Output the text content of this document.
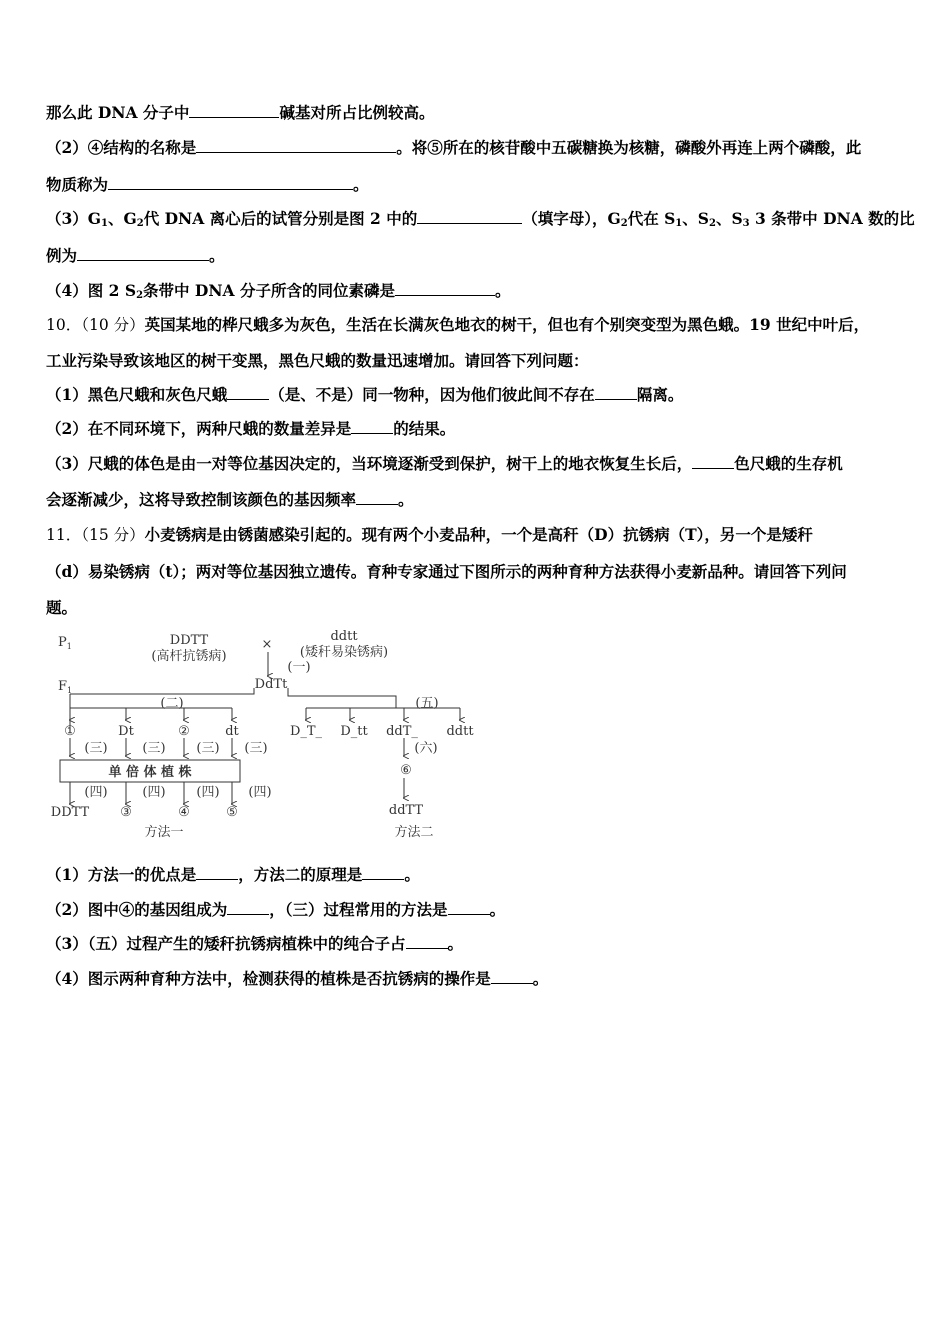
那么此 DNA 分子中	碱基对所占比例较高。
（2）④结构的名称是	。将⑤所在的核苷酸中五碳糖换为核糖，磷酸外再连上两个磷酸，此
物质称为	。
$(3)G_1$、$G_2$代 DNA 离心后的试管分别是图 2 中的	（填字母），$G_2$代在 $S_1$、$S_2$、$S_3$ 3 条带中 DNA 数的比
例为	。
（4）图 2 $S_2$条带中 DNA 分子所含的同位素磷是	。
10．（10 分）英国某地的桦尺蛾多为灰色，生活在长满灰色地衣的树干，但也有个别突变型为黑色蛾。19 世纪中叶后，
工业污染导致该地区的树干变黑，黑色尺蛾的数量迅速增加。请回答下列问题：
（1）黑色尺蛾和灰色尺蛾	（是、不是）同一物种，因为他们彼此间不存在	隔离。
（2）在不同环境下，两种尺蛾的数量差异是	的结果。
（3）尺蛾的体色是由一对等位基因决定的，当环境逐渐受到保护，树干上的地衣恢复生长后，	色尺蛾的生存机
会逐渐减少，这将导致控制该颜色的基因频率	。
11．（15 分）小麦锈病是由锈菌感染引起的。现有两个小麦品种，一个是高秆（D）抗锈病（T），另一个是矮秆
（d）易染锈病（t）；两对等位基因独立遗传。育种专家通过下图所示的两种育种方法获得小麦新品种。请回答下列问
题。
$P_1$
$F_1$
DDTT
(高杆抗锈病)
×
ddtt
(矮秆易染锈病)
(一)
DdTt
(二)	(五)
①	Dt	②	dt
(三)	(三) (三) (三)
单 倍 体 植 株
(四)	(四) (四) (四)
DDTT ③	④	⑤
D_T_ D_tt ddT_ ddtt
(六)
⑥
ddTT
方法一	方法二
（1）方法一的优点是	，方法二的原理是	。
（2）图中④的基因组成为	，（三）过程常用的方法是	。
（3）（五）过程产生的矮秆抗锈病植株中的纯合子占	。
（4）图示两种育种方法中，检测获得的植株是否抗锈病的操作是	。
